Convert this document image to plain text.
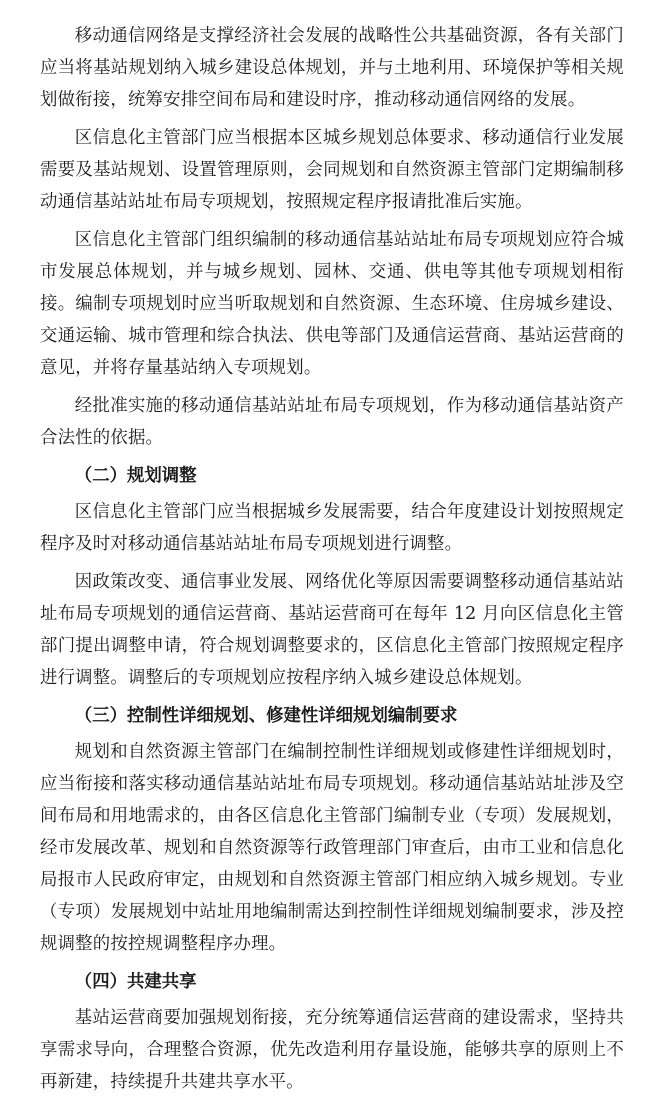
移动通信网络是支撑经济社会发展的战略性公共基础资源，各有关部门应当将基站规划纳入城乡建设总体规划，并与土地利用、环境保护等相关规划做衔接，统筹安排空间布局和建设时序，推动移动通信网络的发展。

区信息化主管部门应当根据本区城乡规划总体要求、移动通信行业发展需要及基站规划、设置管理原则，会同规划和自然资源主管部门定期编制移动通信基站站址布局专项规划，按照规定程序报请批准后实施。

区信息化主管部门组织编制的移动通信基站站址布局专项规划应符合城市发展总体规划，并与城乡规划、园林、交通、供电等其他专项规划相衔接。编制专项规划时应当听取规划和自然资源、生态环境、住房城乡建设、交通运输、城市管理和综合执法、供电等部门及通信运营商、基站运营商的意见，并将存量基站纳入专项规划。

经批准实施的移动通信基站站址布局专项规划，作为移动通信基站资产合法性的依据。

（二）规划调整

区信息化主管部门应当根据城乡发展需要，结合年度建设计划按照规定程序及时对移动通信基站站址布局专项规划进行调整。

因政策改变、通信事业发展、网络优化等原因需要调整移动通信基站站址布局专项规划的通信运营商、基站运营商可在每年 12 月向区信息化主管部门提出调整申请，符合规划调整要求的，区信息化主管部门按照规定程序进行调整。调整后的专项规划应按程序纳入城乡建设总体规划。

（三）控制性详细规划、修建性详细规划编制要求

规划和自然资源主管部门在编制控制性详细规划或修建性详细规划时，应当衔接和落实移动通信基站站址布局专项规划。移动通信基站站址涉及空间布局和用地需求的，由各区信息化主管部门编制专业（专项）发展规划，经市发展改革、规划和自然资源等行政管理部门审查后，由市工业和信息化局报市人民政府审定，由规划和自然资源主管部门相应纳入城乡规划。专业（专项）发展规划中站址用地编制需达到控制性详细规划编制要求，涉及控规调整的按控规调整程序办理。

（四）共建共享

基站运营商要加强规划衔接，充分统筹通信运营商的建设需求，坚持共享需求导向，合理整合资源，优先改造利用存量设施，能够共享的原则上不再新建，持续提升共建共享水平。
